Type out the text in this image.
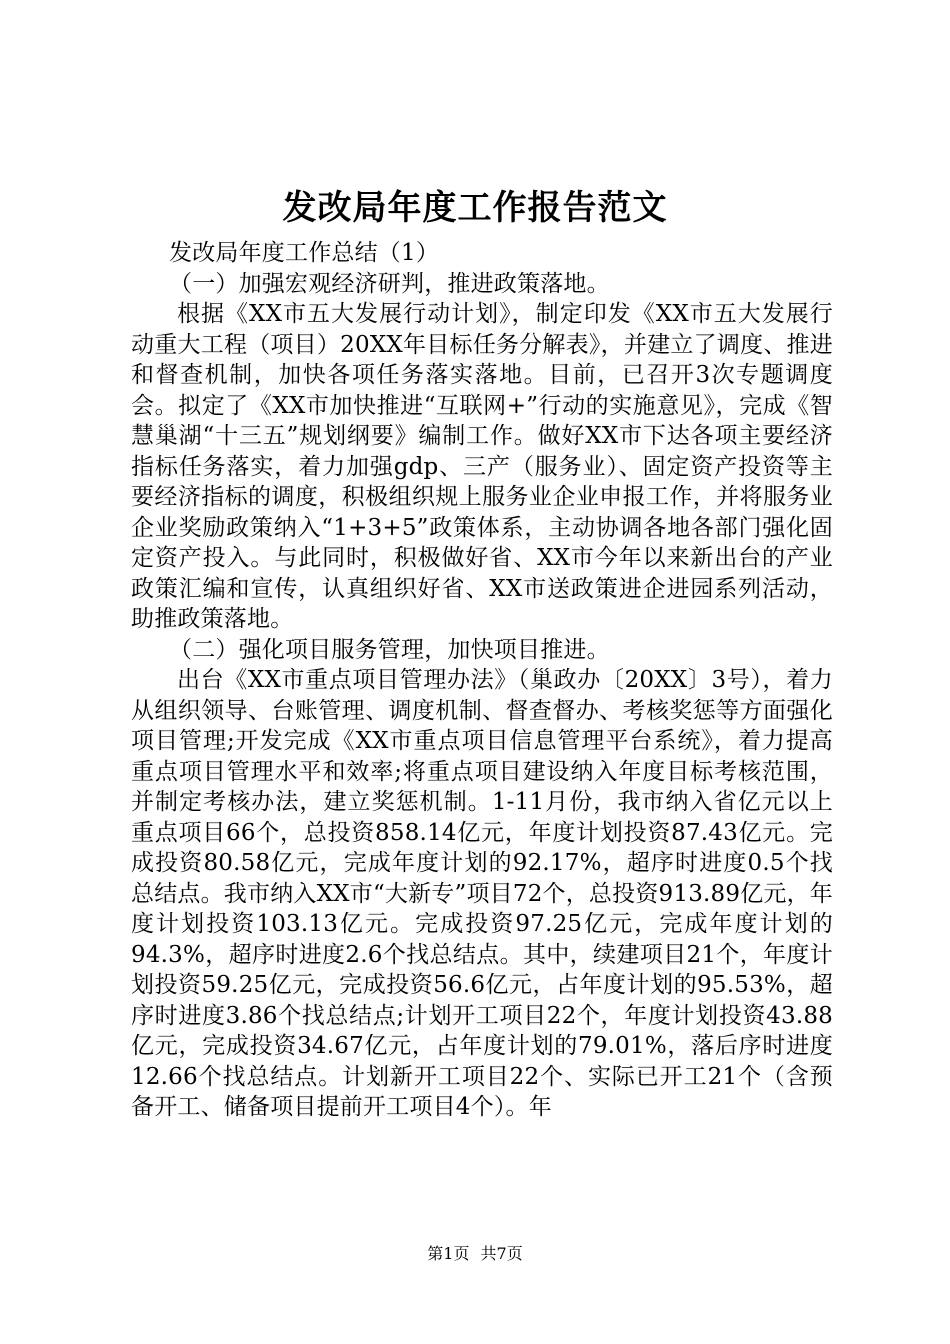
发改局年度工作报告范文

发改局年度工作总结（1）

（一）加强宏观经济研判，推进政策落地。

根据《XX市五大发展行动计划》，制定印发《XX市五大发展行动重大工程（项目）20XX年目标任务分解表》，并建立了调度、推进和督查机制，加快各项任务落实落地。目前，已召开3次专题调度会。拟定了《XX市加快推进“互联网+”行动的实施意见》，完成《智慧巢湖“十三五”规划纲要》编制工作。做好XX市下达各项主要经济指标任务落实，着力加强gdp、三产（服务业）、固定资产投资等主要经济指标的调度，积极组织规上服务业企业申报工作，并将服务业企业奖励政策纳入“1+3+5”政策体系，主动协调各地各部门强化固定资产投入。与此同时，积极做好省、XX市今年以来新出台的产业政策汇编和宣传，认真组织好省、XX市送政策进企进园系列活动，助推政策落地。

（二）强化项目服务管理，加快项目推进。

出台《XX市重点项目管理办法》（巢政办〔20XX〕3号），着力从组织领导、台账管理、调度机制、督查督办、考核奖惩等方面强化项目管理;开发完成《XX市重点项目信息管理平台系统》，着力提高重点项目管理水平和效率;将重点项目建设纳入年度目标考核范围，并制定考核办法，建立奖惩机制。1-11月份，我市纳入省亿元以上重点项目66个，总投资858.14亿元，年度计划投资87.43亿元。完成投资80.58亿元，完成年度计划的92.17%，超序时进度0.5个找总结点。我市纳入XX市“大新专”项目72个，总投资913.89亿元，年度计划投资103.13亿元。完成投资97.25亿元，完成年度计划的94.3%，超序时进度2.6个找总结点。其中，续建项目21个，年度计划投资59.25亿元，完成投资56.6亿元，占年度计划的95.53%，超序时进度3.86个找总结点;计划开工项目22个，年度计划投资43.88亿元，完成投资34.67亿元，占年度计划的79.01%，落后序时进度12.66个找总结点。计划新开工项目22个、实际已开工21个（含预备开工、储备项目提前开工项目4个）。年

第1页 共7页
